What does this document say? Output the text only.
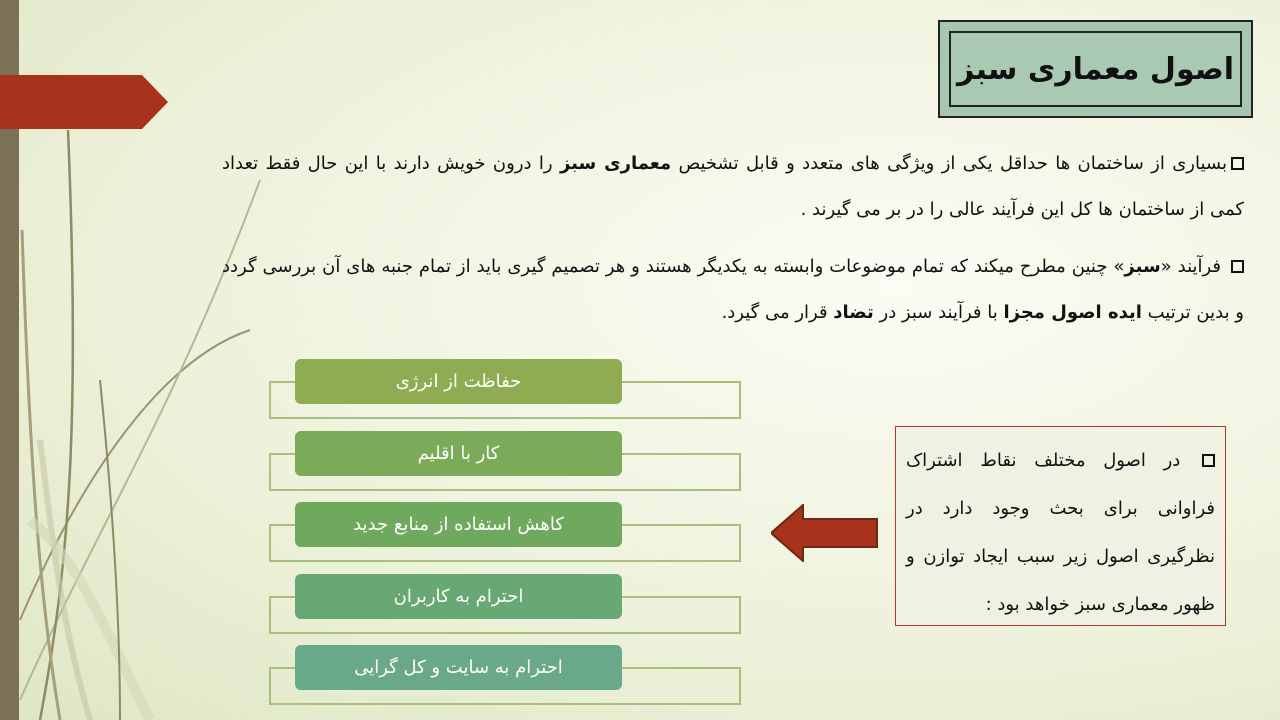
اصول معماری سبز
بسیاری از ساختمان ها حداقل یکی از ویژگی های متعدد و قابل تشخیص معماری سبز را درون خویش دارند با این حال فقط تعداد کمی از ساختمان ها کل این فرآیند عالی را در بر می گیرند .
فرآیند «سبز» چنین مطرح میکند که تمام موضوعات وابسته به یکدیگر هستند و هر تصمیم گیری باید از تمام جنبه های آن بررسی گردد و بدین ترتیب ایده اصول مجزا با فرآیند سبز در تضاد قرار می گیرد.
حفاظت از انرژی
کار با اقلیم
کاهش استفاده از منابع جدید
احترام به کاربران
احترام به سایت و کل گرایی
در اصول مختلف نقاط اشتراک فراوانی برای بحث وجود دارد در نظرگیری اصول زیر سبب ایجاد توازن و ظهور معماری سبز خواهد بود :
